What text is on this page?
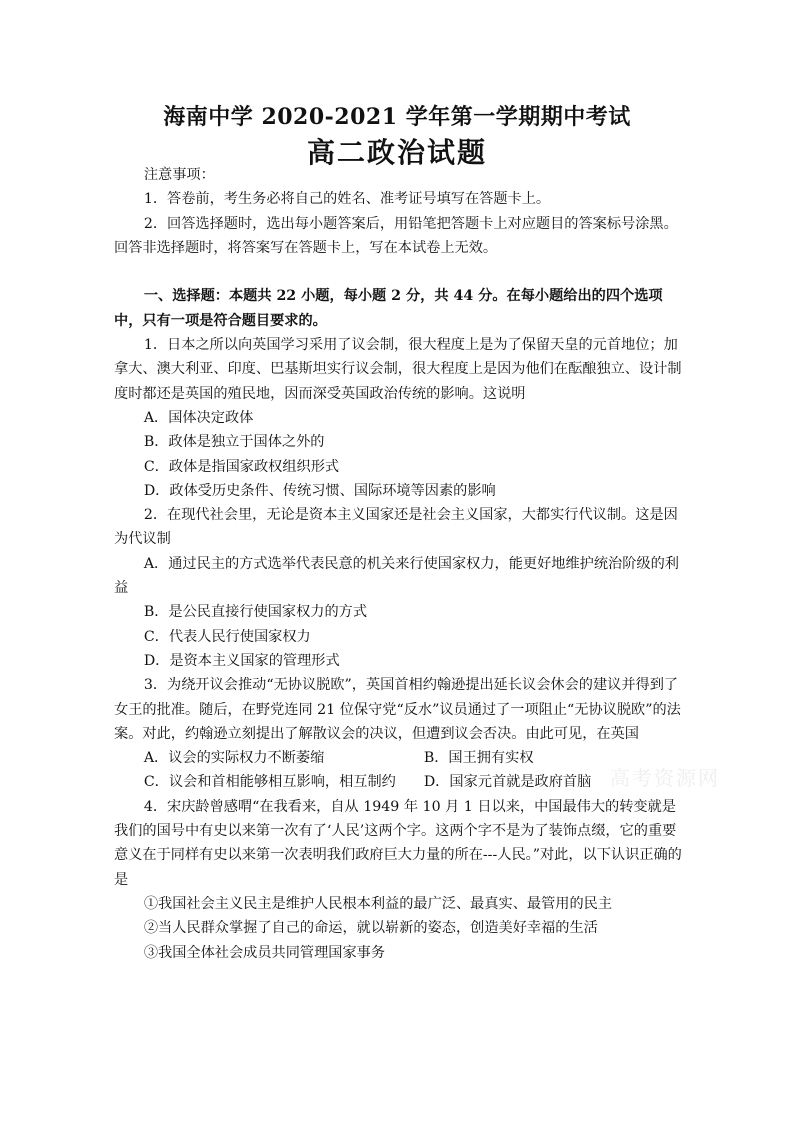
海南中学 2020-2021 学年第一学期期中考试
高二政治试题

注意事项：

1．答卷前，考生务必将自己的姓名、准考证号填写在答题卡上。

2．回答选择题时，选出每小题答案后，用铅笔把答题卡上对应题目的答案标号涂黑。回答非选择题时，将答案写在答题卡上，写在本试卷上无效。

一、选择题：本题共 22 小题，每小题 2 分，共 44 分。在每小题给出的四个选项中，只有一项是符合题目要求的。

1．日本之所以向英国学习采用了议会制，很大程度上是为了保留天皇的元首地位；加拿大、澳大利亚、印度、巴基斯坦实行议会制，很大程度上是因为他们在酝酿独立、设计制度时都还是英国的殖民地，因而深受英国政治传统的影响。这说明

A．国体决定政体

B．政体是独立于国体之外的

C．政体是指国家政权组织形式

D．政体受历史条件、传统习惯、国际环境等因素的影响

2．在现代社会里，无论是资本主义国家还是社会主义国家，大都实行代议制。这是因为代议制

A．通过民主的方式选举代表民意的机关来行使国家权力，能更好地维护统治阶级的利益

B．是公民直接行使国家权力的方式

C．代表人民行使国家权力

D．是资本主义国家的管理形式

3．为绕开议会推动“无协议脱欧”，英国首相约翰逊提出延长议会休会的建议并得到了女王的批准。随后，在野党连同 21 位保守党“反水”议员通过了一项阻止“无协议脱欧”的法案。对此，约翰逊立刻提出了解散议会的决议，但遭到议会否决。由此可见，在英国

A．议会的实际权力不断萎缩	B．国王拥有实权
C．议会和首相能够相互影响，相互制约	D．国家元首就是政府首脑

4．宋庆龄曾感喟“在我看来，自从 1949 年 10 月 1 日以来，中国最伟大的转变就是我们的国号中有史以来第一次有了‘人民’这两个字。这两个字不是为了装饰点缀，它的重要意义在于同样有史以来第一次表明我们政府巨大力量的所在---人民。”对此，以下认识正确的是

①我国社会主义民主是维护人民根本利益的最广泛、最真实、最管用的民主

②当人民群众掌握了自己的命运，就以崭新的姿态，创造美好幸福的生活

③我国全体社会成员共同管理国家事务

高考资源网
